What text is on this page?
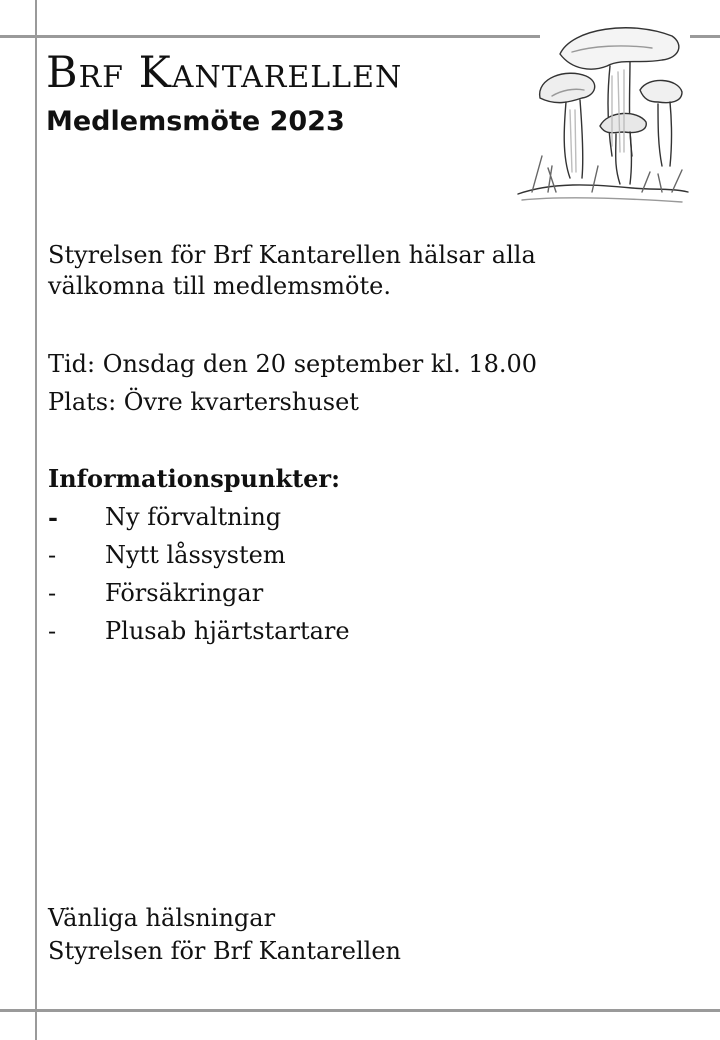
Brf Kantarellen
Medlemsmöte 2023

Styrelsen för Brf Kantarellen hälsar alla välkomna till medlemsmöte.

Tid: Onsdag den 20 september kl. 18.00

Plats: Övre kvartershuset

Informationspunkter:

-	Ny förvaltning
-	Nytt låssystem
-	Försäkringar
-	Plusab hjärtstartare

Vänliga hälsningar

Styrelsen för Brf Kantarellen
